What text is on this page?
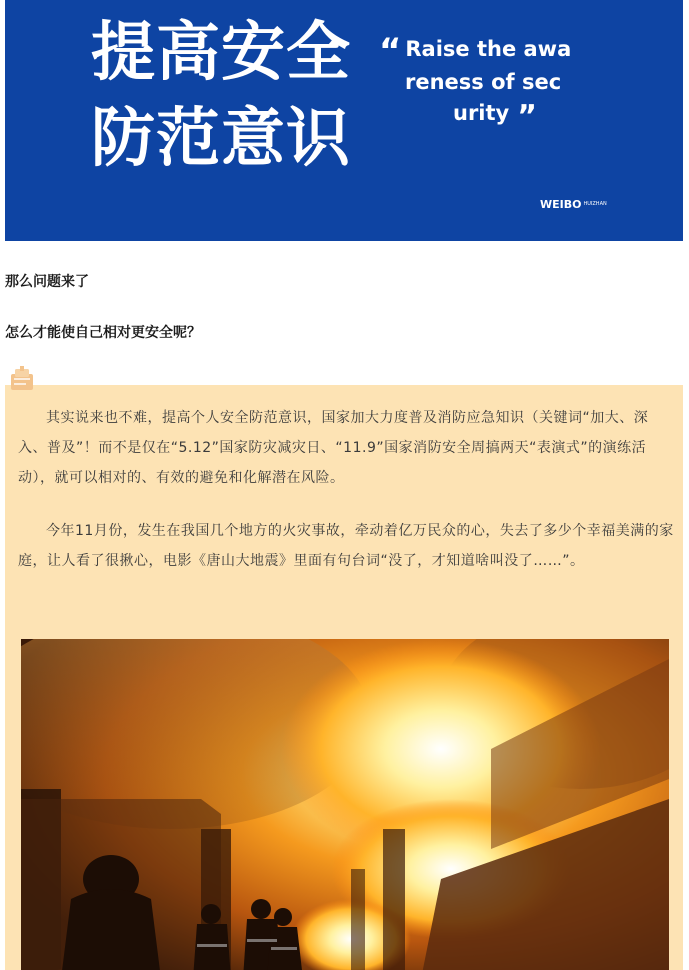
提高安全
防范意识
“ Raise the awa
reness of sec
urity ”
WEIBO HUIZHAN
那么问题来了
怎么才能使自己相对更安全呢？

其实说来也不难，提高个人安全防范意识，国家加大力度普及消防应急知识（关键词“加大、深入、普及”！而不是仅在“5.12”国家防灾减灾日、“11.9”国家消防安全周搞两天“表演式”的演练活动），就可以相对的、有效的避免和化解潜在风险。

今年11月份，发生在我国几个地方的火灾事故，牵动着亿万民众的心，失去了多少个幸福美满的家庭，让人看了很揪心，电影《唐山大地震》里面有句台词“没了，才知道啥叫没了……”。
